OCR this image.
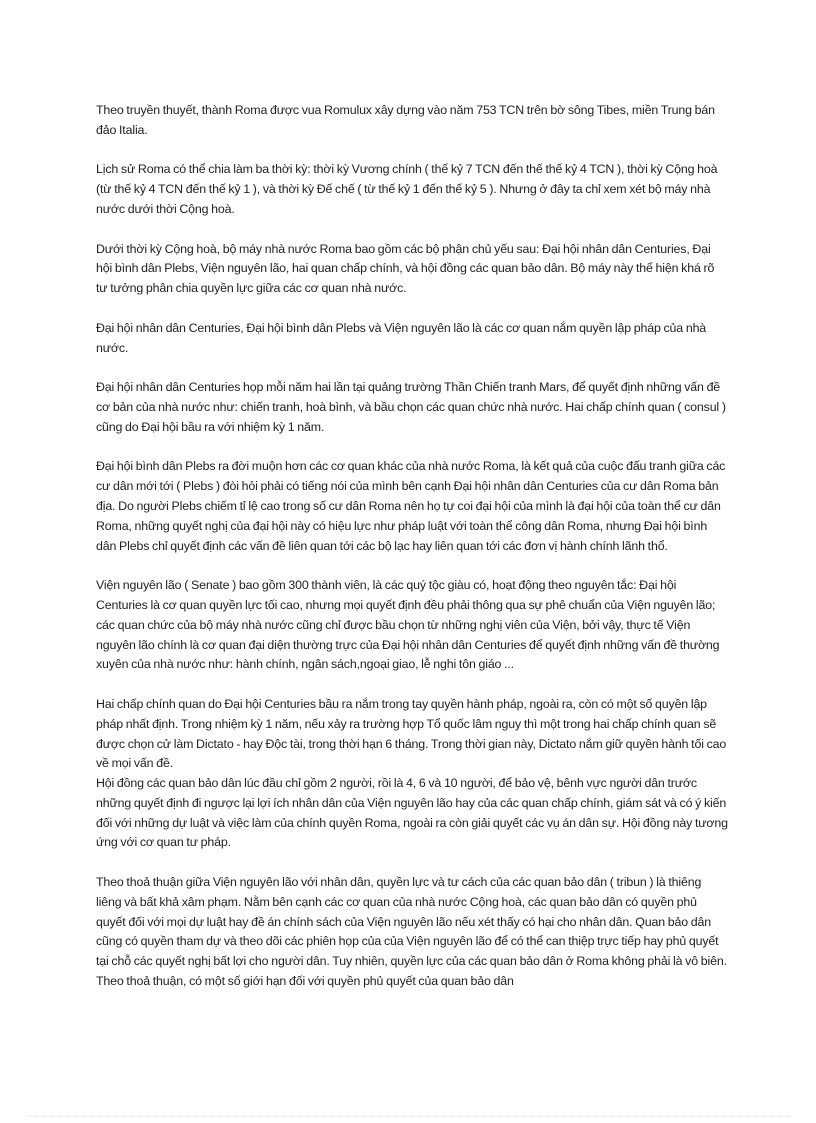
Theo truyền thuyết, thành Roma được vua Romulux xây dựng vào năm 753 TCN trên bờ sông Tibes, miền Trung bán đảo Italia.

Lịch sử Roma có thể chia làm ba thời kỳ: thời kỳ Vương chính ( thế kỷ 7 TCN đến thế thế kỷ 4 TCN ), thời kỳ Cộng hoà (từ thế kỷ 4 TCN đến thế kỷ 1 ), và thời kỳ Đế chế ( từ thế kỷ 1 đến thế kỷ 5 ). Nhưng ở đây ta chỉ xem xét bộ máy nhà nước dưới thời Cộng hoà.

Dưới thời kỳ Cộng hoà, bộ máy nhà nước Roma bao gồm các bộ phận chủ yếu sau: Đại hội nhân dân Centuries, Đại hội bình dân Plebs, Viện nguyên lão, hai quan chấp chính, và hội đồng các quan bảo dân. Bộ máy này thể hiện khá rõ tư tưởng phân chia quyền lực giữa các cơ quan nhà nước.

Đại hội nhân dân Centuries, Đại hội bình dân Plebs và Viện nguyên lão là các cơ quan nắm quyền lập pháp của nhà nước.

Đại hội nhân dân Centuries họp mỗi năm hai lần tại quảng trường Thần Chiến tranh Mars, để quyết định những vấn đề cơ bản của nhà nước như: chiến tranh, hoà bình, và bầu chọn các quan chức nhà nước. Hai chấp chính quan ( consul ) cũng do Đại hội bầu ra với nhiệm kỳ 1 năm.

Đại hội bình dân Plebs ra đời muộn hơn các cơ quan khác của nhà nước Roma, là kết quả của cuộc đấu tranh giữa các cư dân mới tới ( Plebs ) đòi hỏi phải có tiếng nói của mình bên cạnh Đại hội nhân dân Centuries của cư dân Roma bản địa. Do người Plebs chiếm tỉ lệ cao trong số cư dân Roma nên họ tự coi đại hội của mình là đại hội của toàn thể cư dân Roma, những quyết nghị của đại hội này có hiệu lực như pháp luật với toàn thể công dân Roma, nhưng Đại hội bình dân Plebs chỉ quyết định các vấn đề liên quan tới các bộ lạc hay liên quan tới các đơn vị hành chính lãnh thổ.

Viện nguyên lão ( Senate ) bao gồm 300 thành viên, là các quý tộc giàu có, hoạt động theo nguyên tắc: Đại hội Centuries là cơ quan quyền lực tối cao, nhưng mọi quyết định đều phải thông qua sự phê chuẩn của Viện nguyên lão; các quan chức của bộ máy nhà nước cũng chỉ được bầu chọn từ những nghị viên của Viện, bởi vậy, thực tế Viện nguyên lão chính là cơ quan đại diện thường trực của Đại hội nhân dân Centuries để quyết định những vấn đề thường xuyên của nhà nước như: hành chính, ngân sách,ngoại giao, lễ nghi tôn giáo ...

Hai chấp chính quan do Đại hội Centuries bầu ra nắm trong tay quyền hành pháp, ngoài ra, còn có một số quyền lập pháp nhất định. Trong nhiệm kỳ 1 năm, nếu xảy ra trường hợp Tổ quốc lâm nguy thì một trong hai chấp chính quan sẽ được chọn cử làm Dictato - hay Độc tài, trong thời hạn 6 tháng. Trong thời gian này, Dictato nắm giữ quyền hành tối cao về mọi vấn đề.

Hội đồng các quan bảo dân lúc đầu chỉ gồm 2 người, rồi là 4, 6 và 10 người, để bảo vệ, bênh vực người dân trước những quyết định đi ngược lại lợi ích nhân dân của Viện nguyên lão hay của các quan chấp chính, giám sát và có ý kiến đối với những dự luật và việc làm của chính quyền Roma, ngoài ra còn giải quyết các vụ án dân sự. Hội đồng này tương ứng với cơ quan tư pháp.

Theo thoả thuận giữa Viện nguyên lão với nhân dân, quyền lực và tư cách của các quan bảo dân ( tribun ) là thiêng liêng và bất khả xâm phạm. Nằm bên cạnh các cơ quan của nhà nước Cộng hoà, các quan bảo dân có quyền phủ quyết đối với mọi dự luật hay đề án chính sách của Viện nguyên lão nếu xét thấy có hại cho nhân dân. Quan bảo dân cũng có quyền tham dự và theo dõi các phiên họp của của Viện nguyên lão để có thể can thiệp trực tiếp hay phủ quyết tại chỗ các quyết nghị bất lợi cho người dân. Tuy nhiên, quyền lực của các quan bảo dân ở Roma không phải là vô biên. Theo thoả thuận, có một số giới hạn đối với quyền phủ quyết của quan bảo dân
